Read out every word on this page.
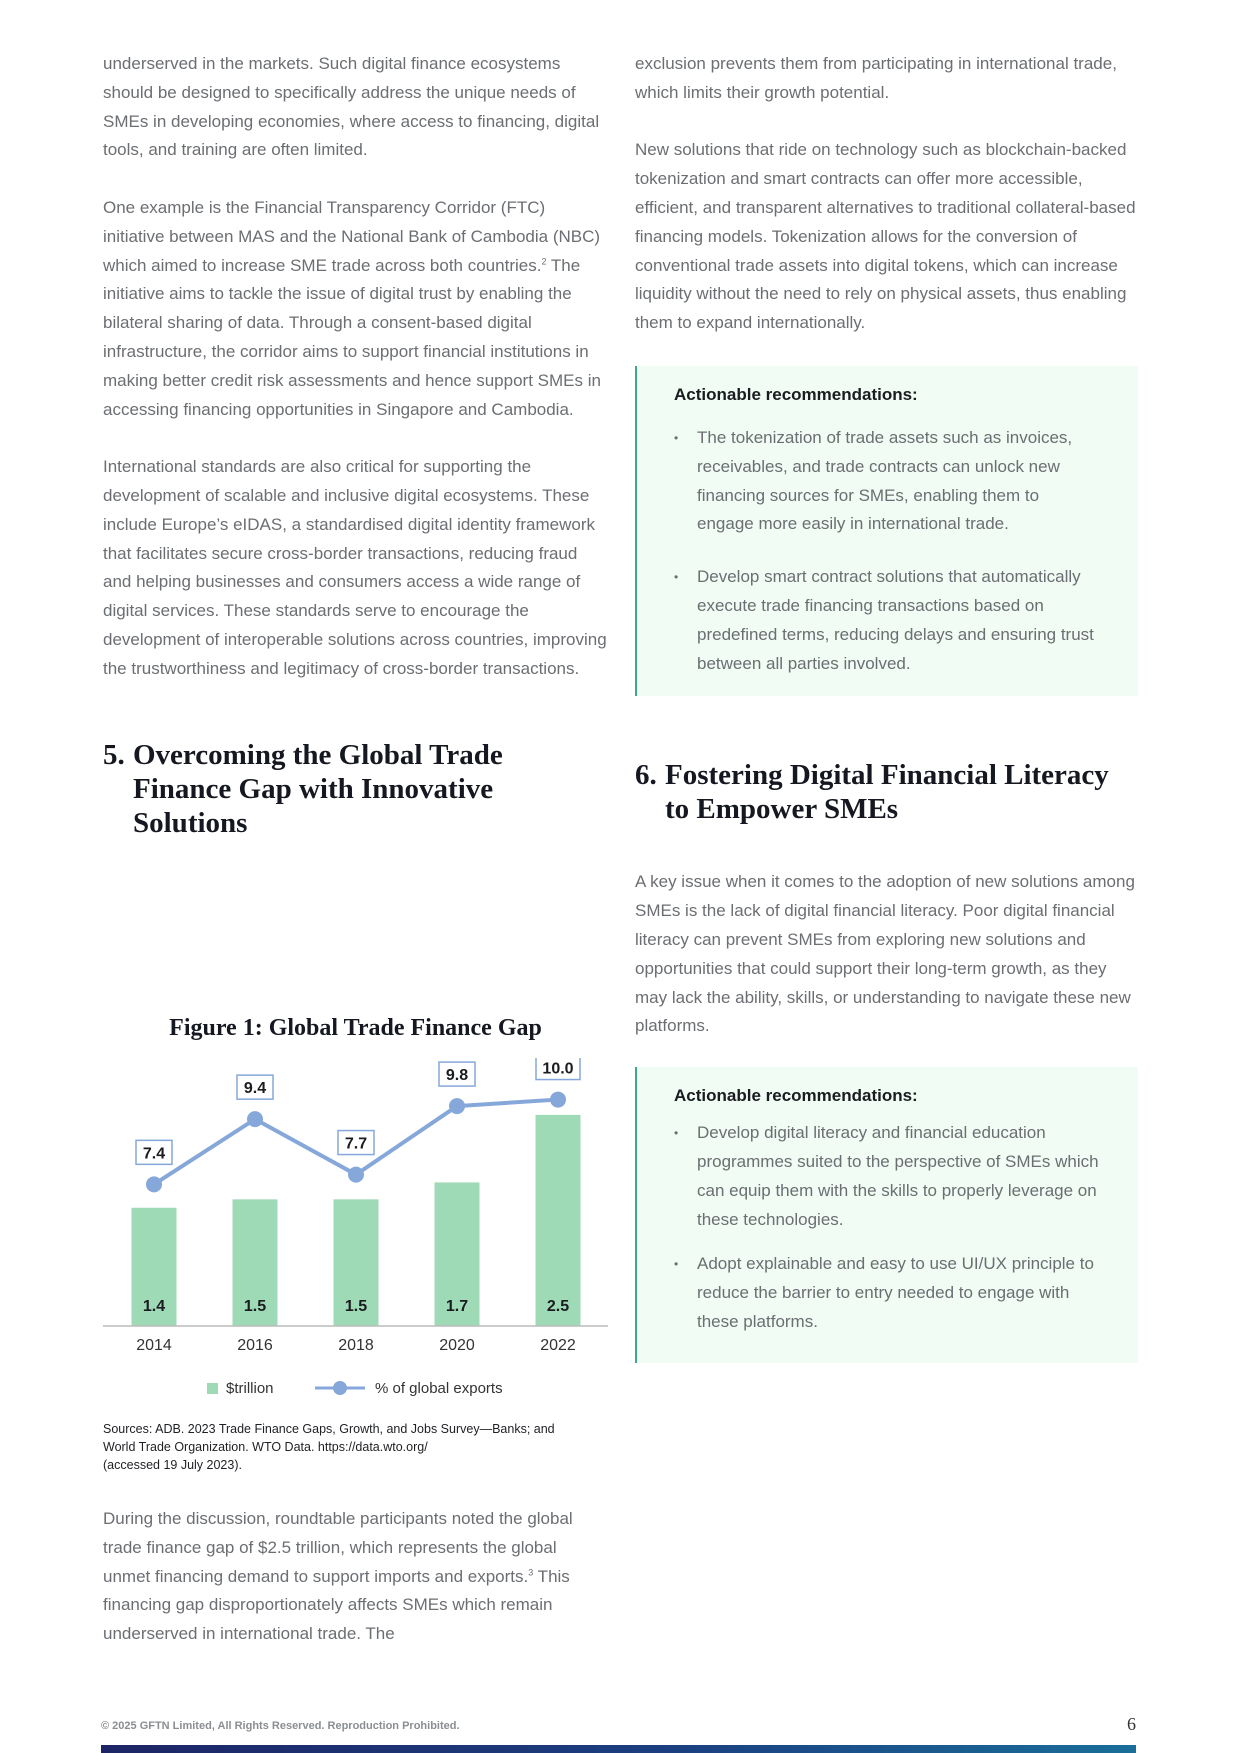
underserved in the markets. Such digital finance ecosystems should be designed to specifically address the unique needs of SMEs in developing economies, where access to financing, digital tools, and training are often limited.

One example is the Financial Transparency Corridor (FTC) initiative between MAS and the National Bank of Cambodia (NBC) which aimed to increase SME trade across both countries.$^2$ The initiative aims to tackle the issue of digital trust by enabling the bilateral sharing of data. Through a consent-based digital infrastructure, the corridor aims to support financial institutions in making better credit risk assessments and hence support SMEs in accessing financing opportunities in Singapore and Cambodia.

International standards are also critical for supporting the development of scalable and inclusive digital ecosystems. These include Europe’s eIDAS, a standardised digital identity framework that facilitates secure cross-border transactions, reducing fraud and helping businesses and consumers access a wide range of digital services. These standards serve to encourage the development of interoperable solutions across countries, improving the trustworthiness and legitimacy of cross-border transactions.

5. Overcoming the Global Trade Finance Gap with Innovative Solutions
Figure 1: Global Trade Finance Gap
1.4	1.5	1.5	1.7	2.5
2014	2016	2018	2020	2022
7.4
9.4
7.7
9.8	10.0
$trillion	% of global exports
Sources: ADB. 2023 Trade Finance Gaps, Growth, and Jobs Survey—Banks; and
World Trade Organization. WTO Data. https://data.wto.org/
(accessed 19 July 2023).

During the discussion, roundtable participants noted the global trade finance gap of $2.5 trillion, which represents the global unmet financing demand to support imports and exports.$^3$ This financing gap disproportionately affects SMEs which remain underserved in international trade. The

exclusion prevents them from participating in international trade, which limits their growth potential.

New solutions that ride on technology such as blockchain-backed tokenization and smart contracts can offer more accessible, efficient, and transparent alternatives to traditional collateral-based financing models. Tokenization allows for the conversion of conventional trade assets into digital tokens, which can increase liquidity without the need to rely on physical assets, thus enabling them to expand internationally.

Actionable recommendations:
• The tokenization of trade assets such as invoices, receivables, and trade contracts can unlock new financing sources for SMEs, enabling them to engage more easily in international trade.
• Develop smart contract solutions that automatically execute trade financing transactions based on predefined terms, reducing delays and ensuring trust between all parties involved.
6. Fostering Digital Financial Literacy to Empower SMEs

A key issue when it comes to the adoption of new solutions among SMEs is the lack of digital financial literacy. Poor digital financial literacy can prevent SMEs from exploring new solutions and opportunities that could support their long-term growth, as they may lack the ability, skills, or understanding to navigate these new platforms.

Actionable recommendations:
• Develop digital literacy and financial education programmes suited to the perspective of SMEs which can equip them with the skills to properly leverage on these technologies.
• Adopt explainable and easy to use UI/UX principle to reduce the barrier to entry needed to engage with these platforms.
© 2025 GFTN Limited, All Rights Reserved. Reproduction Prohibited.	6
